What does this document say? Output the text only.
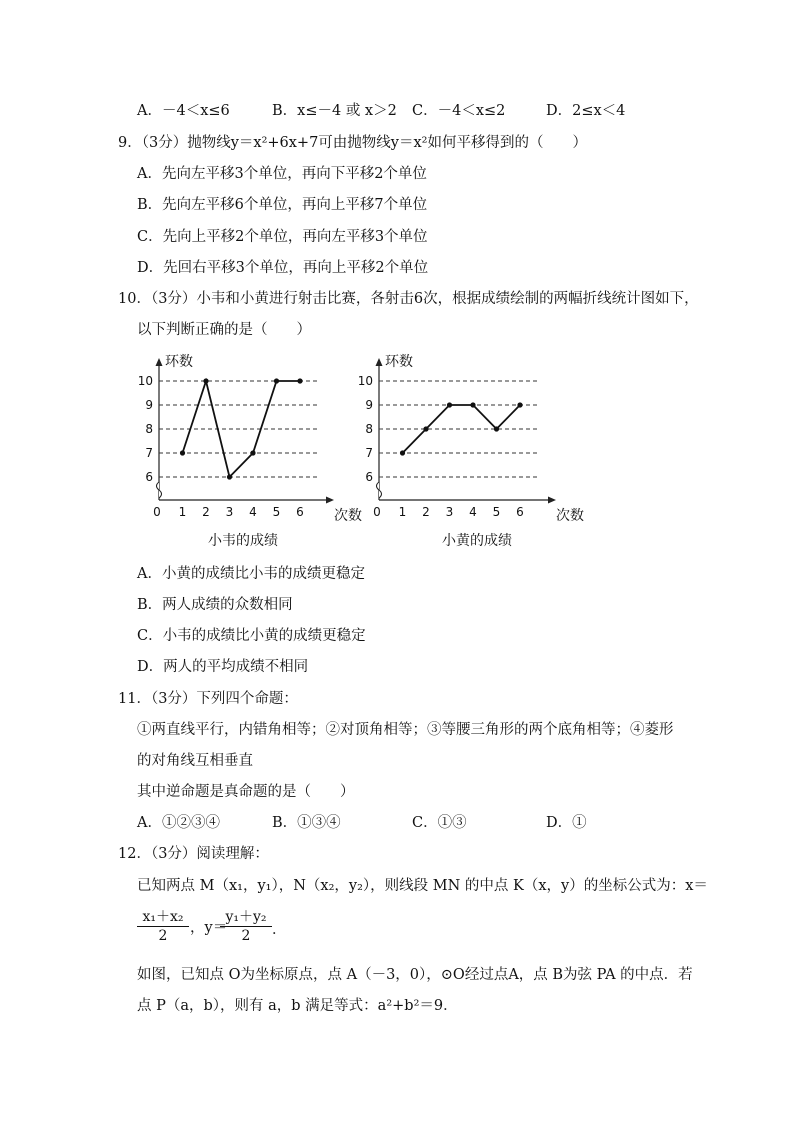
A．－4＜x≤6	B．x≤－4 或 x＞2 C．－4＜x≤2	D．2≤x＜4
9．（3分）抛物线y＝x²+6x+7可由抛物线y＝x²如何平移得到的（　　）
A．先向左平移3个单位，再向下平移2个单位
B．先向左平移6个单位，再向上平移7个单位
C．先向上平移2个单位，再向左平移3个单位
D．先回右平移3个单位，再向上平移2个单位
10．（3分）小韦和小黄进行射击比赛，各射击6次，根据成绩绘制的两幅折线统计图如下，
以下判断正确的是（　　）
6
7
8
9
10
0 1 2 3 4 5 6
环数
次数
小韦的成绩
6
7
8
9
10
0 1 2 3 4 5 6
环数
次数
小黄的成绩
A．小黄的成绩比小韦的成绩更稳定
B．两人成绩的众数相同
C．小韦的成绩比小黄的成绩更稳定
D．两人的平均成绩不相同
11．（3分）下列四个命题：
①两直线平行，内错角相等；②对顶角相等；③等腰三角形的两个底角相等；④菱形
的对角线互相垂直
其中逆命题是真命题的是（　　）
A．①②③④	B．①③④	C．①③	D．①
12．（3分）阅读理解：
已知两点 M（x₁，y₁），N（x₂，y₂），则线段 MN 的中点 K（x，y）的坐标公式为：x＝
$\frac{\text{x₁＋x₂}}{2}$ ，y＝
$\frac{\text{y₁＋y₂}}{2}$ ．
如图，已知点 O为坐标原点，点 A（－3，0），⊙O经过点A，点 B为弦 PA 的中点．若
点 P（a，b），则有 a，b 满足等式：a²+b²＝9．
